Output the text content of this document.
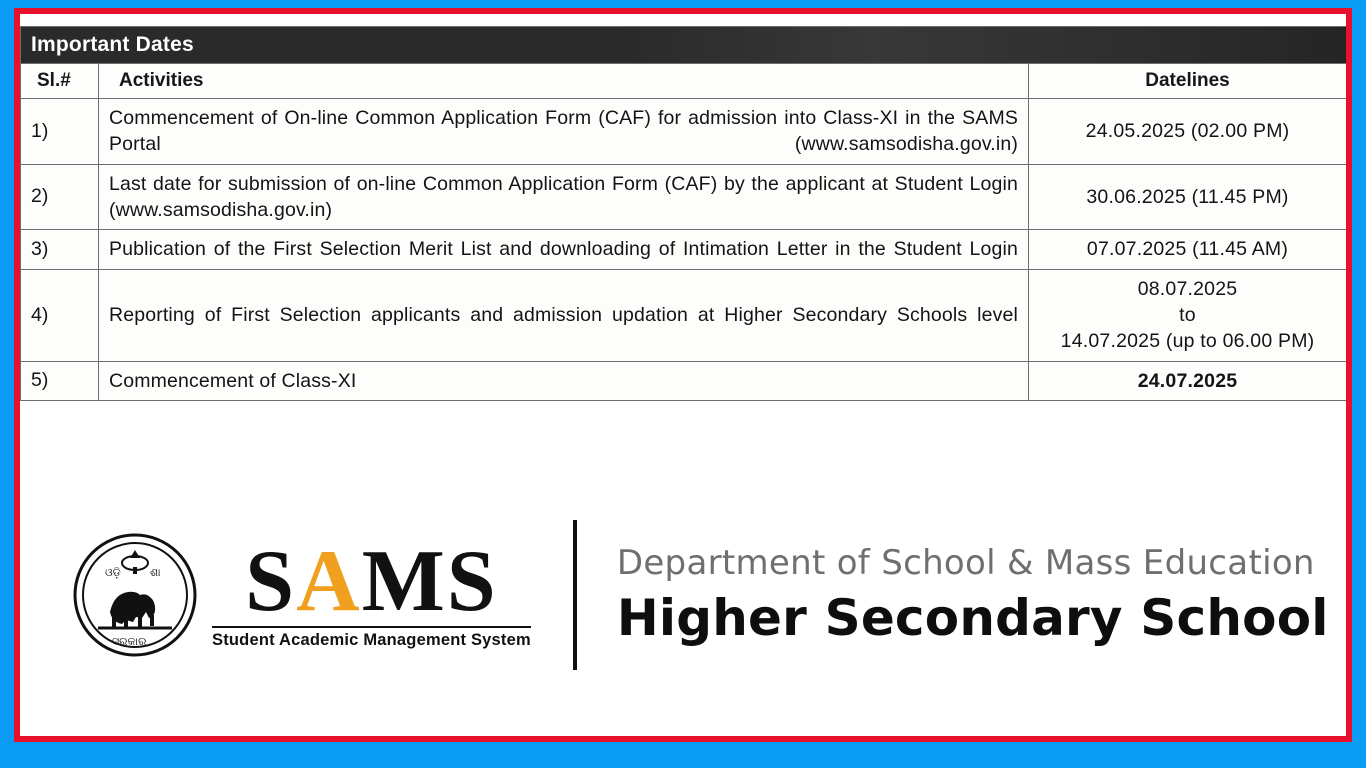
Important Dates		

Sl.#	Activities	Datelines
1)	Commencement of On-line Common Application Form (CAF) for admission into Class-XI in the SAMS Portal (www.samsodisha.gov.in)	24.05.2025 (02.00 PM)
2)	Last date for submission of on-line Common Application Form (CAF) by the applicant at Student Login (www.samsodisha.gov.in)	30.06.2025 (11.45 PM)
3)	Publication of the First Selection Merit List and downloading of Intimation Letter in the Student Login	07.07.2025 (11.45 AM)
4)	Reporting of First Selection applicants and admission updation at Higher Secondary Schools level	08.07.2025
to
14.07.2025 (up to 06.00 PM)

5)	Commencement of Class-XI	24.07.2025
ଓଡ଼ି	ଶା
ସରକାର
SAMS
Student Academic Management System
Department of School & Mass Education
Higher Secondary School
